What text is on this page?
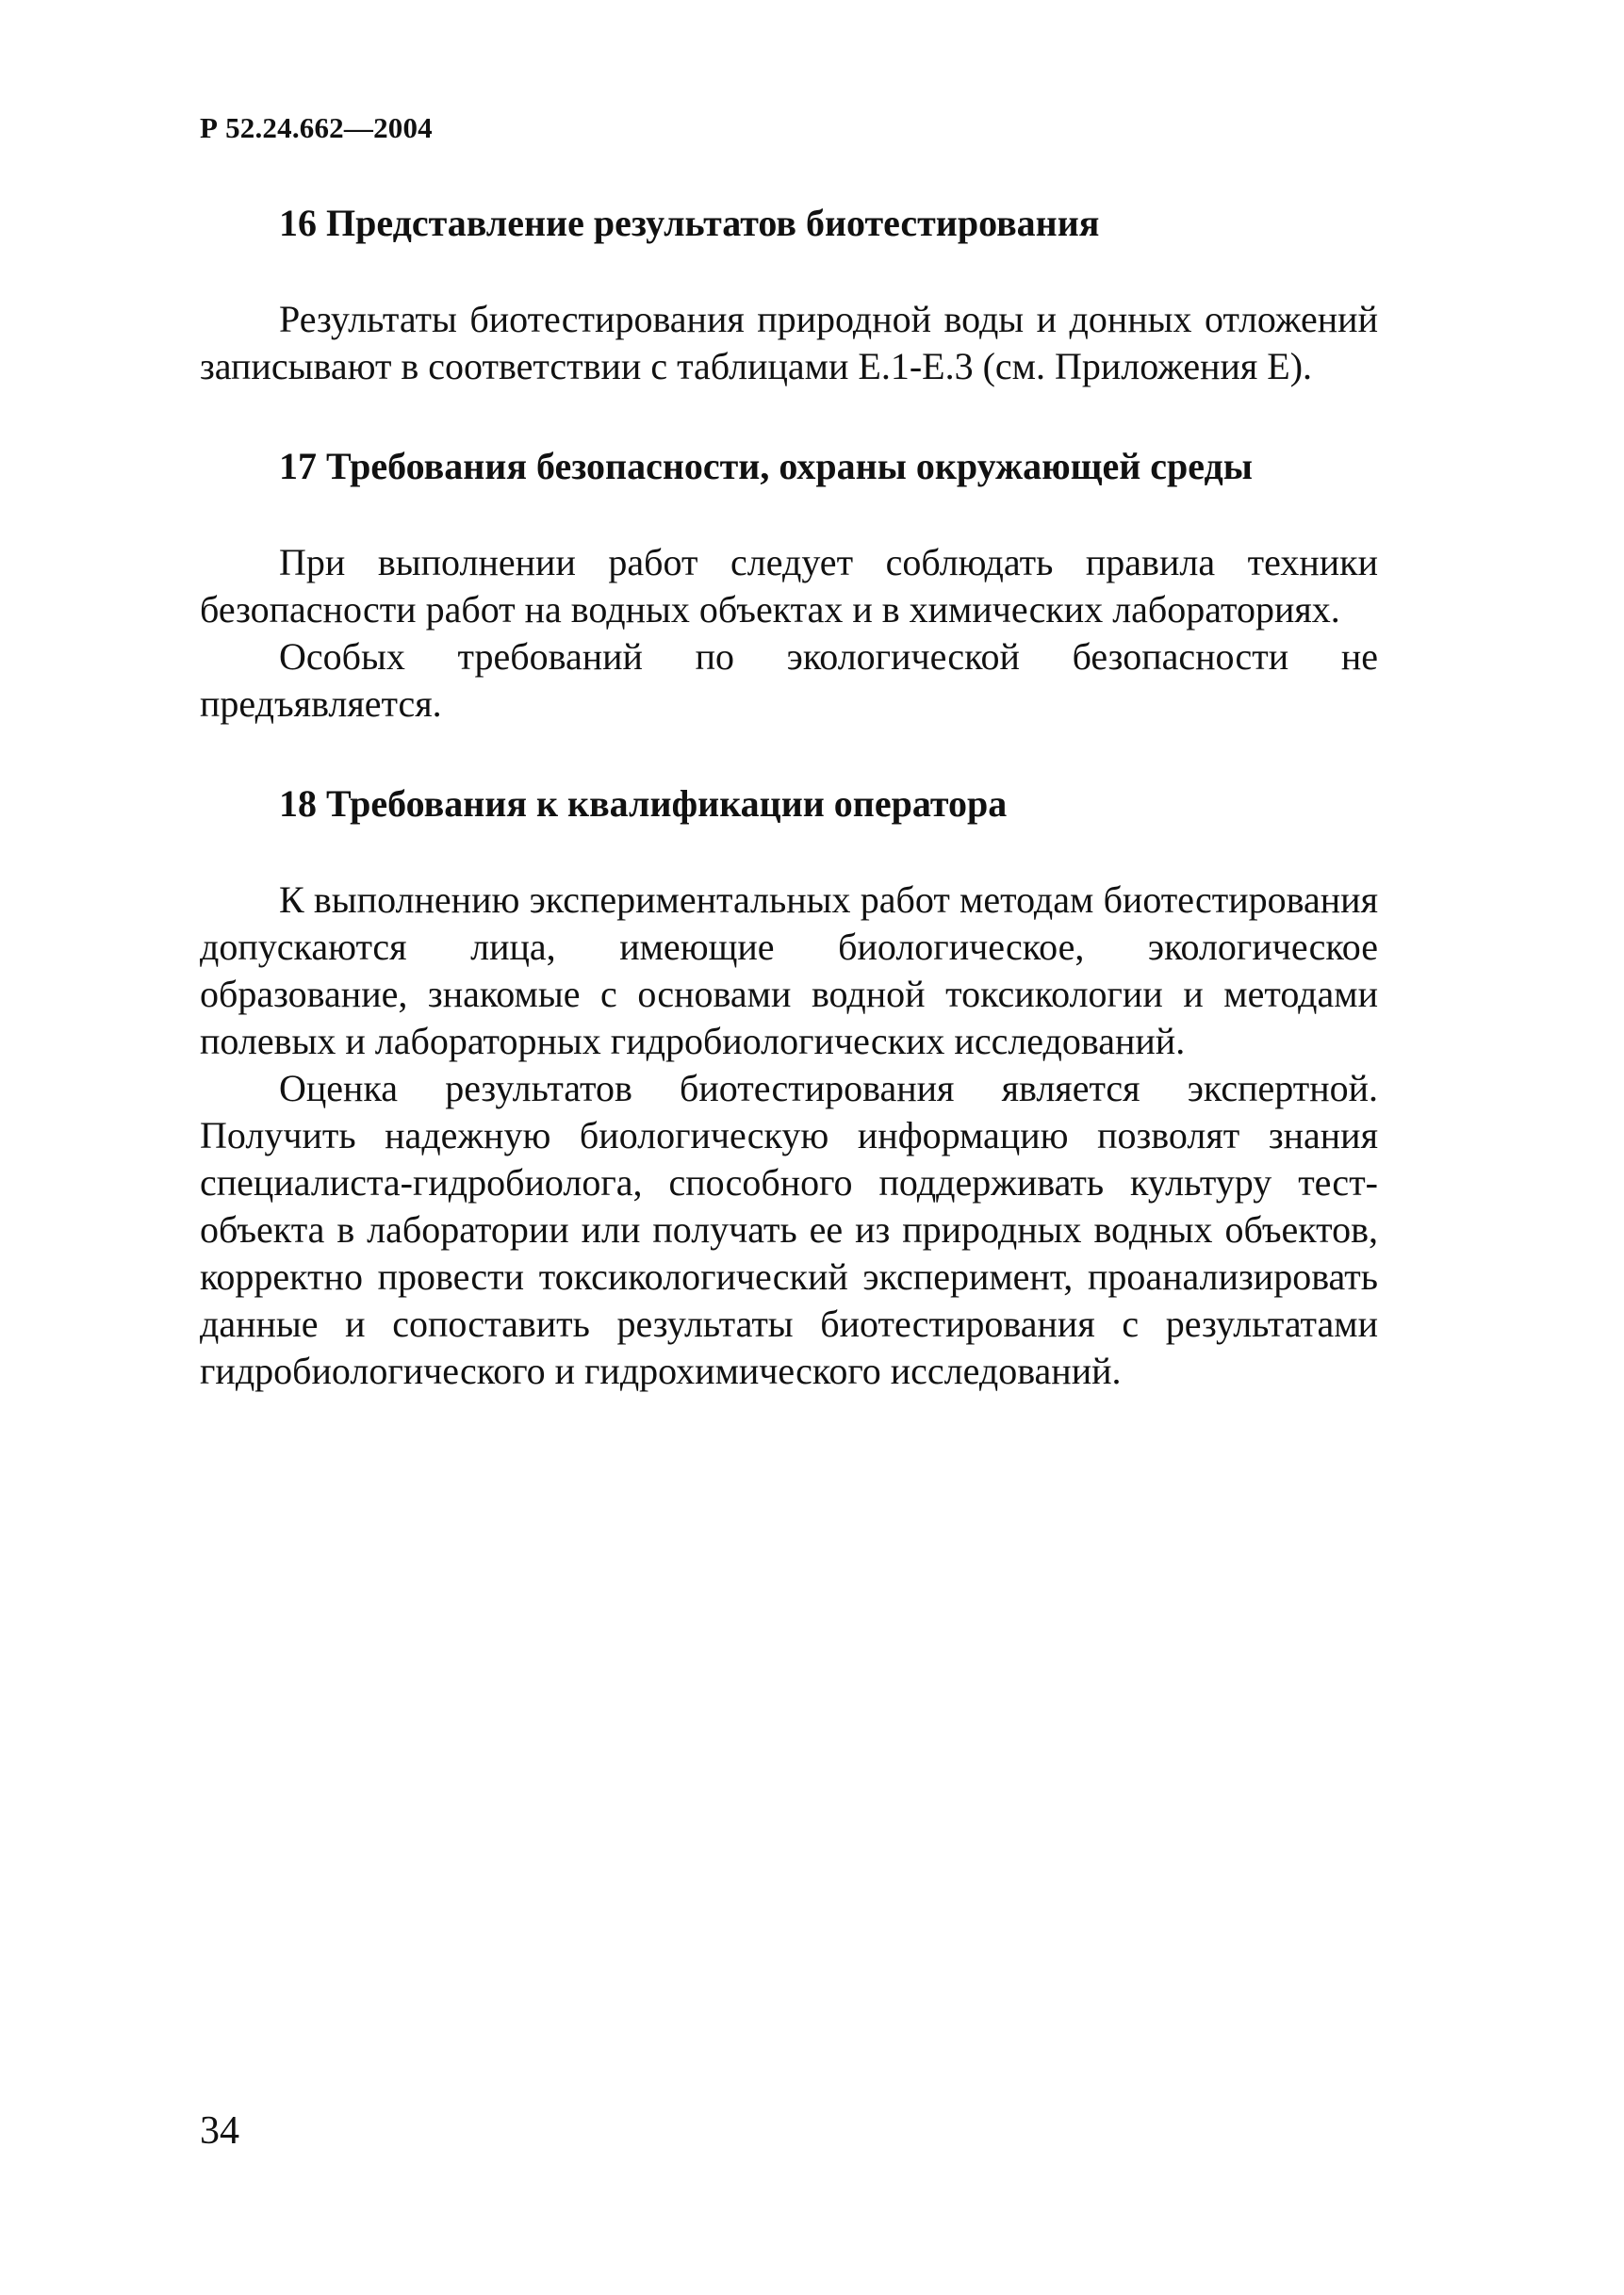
Р 52.24.662—2004
16 Представление результатов биотестирования

Результаты биотестирования природной воды и донных отложений записывают в соответствии с таблицами Е.1-Е.3 (см. Приложения Е).

17 Требования безопасности, охраны окружающей среды

При выполнении работ следует соблюдать правила техники безопасности работ на водных объектах и в химических лабораториях.

Особых требований по экологической безопасности не предъявляется.

18 Требования к квалификации оператора

К выполнению экспериментальных работ методам биотестирования допускаются лица, имеющие биологическое, экологическое образование, знакомые с основами водной токсикологии и методами полевых и лабораторных гидробиологических исследований.

Оценка результатов биотестирования является экспертной. Получить надежную биологическую информацию позволят знания специалиста-гидробиолога, способного поддерживать культуру тест-объекта в лаборатории или получать ее из природных водных объектов, корректно провести токсикологический эксперимент, проанализировать данные и сопоставить результаты биотестирования с результатами гидробиологического и гидрохимического исследований.

34
